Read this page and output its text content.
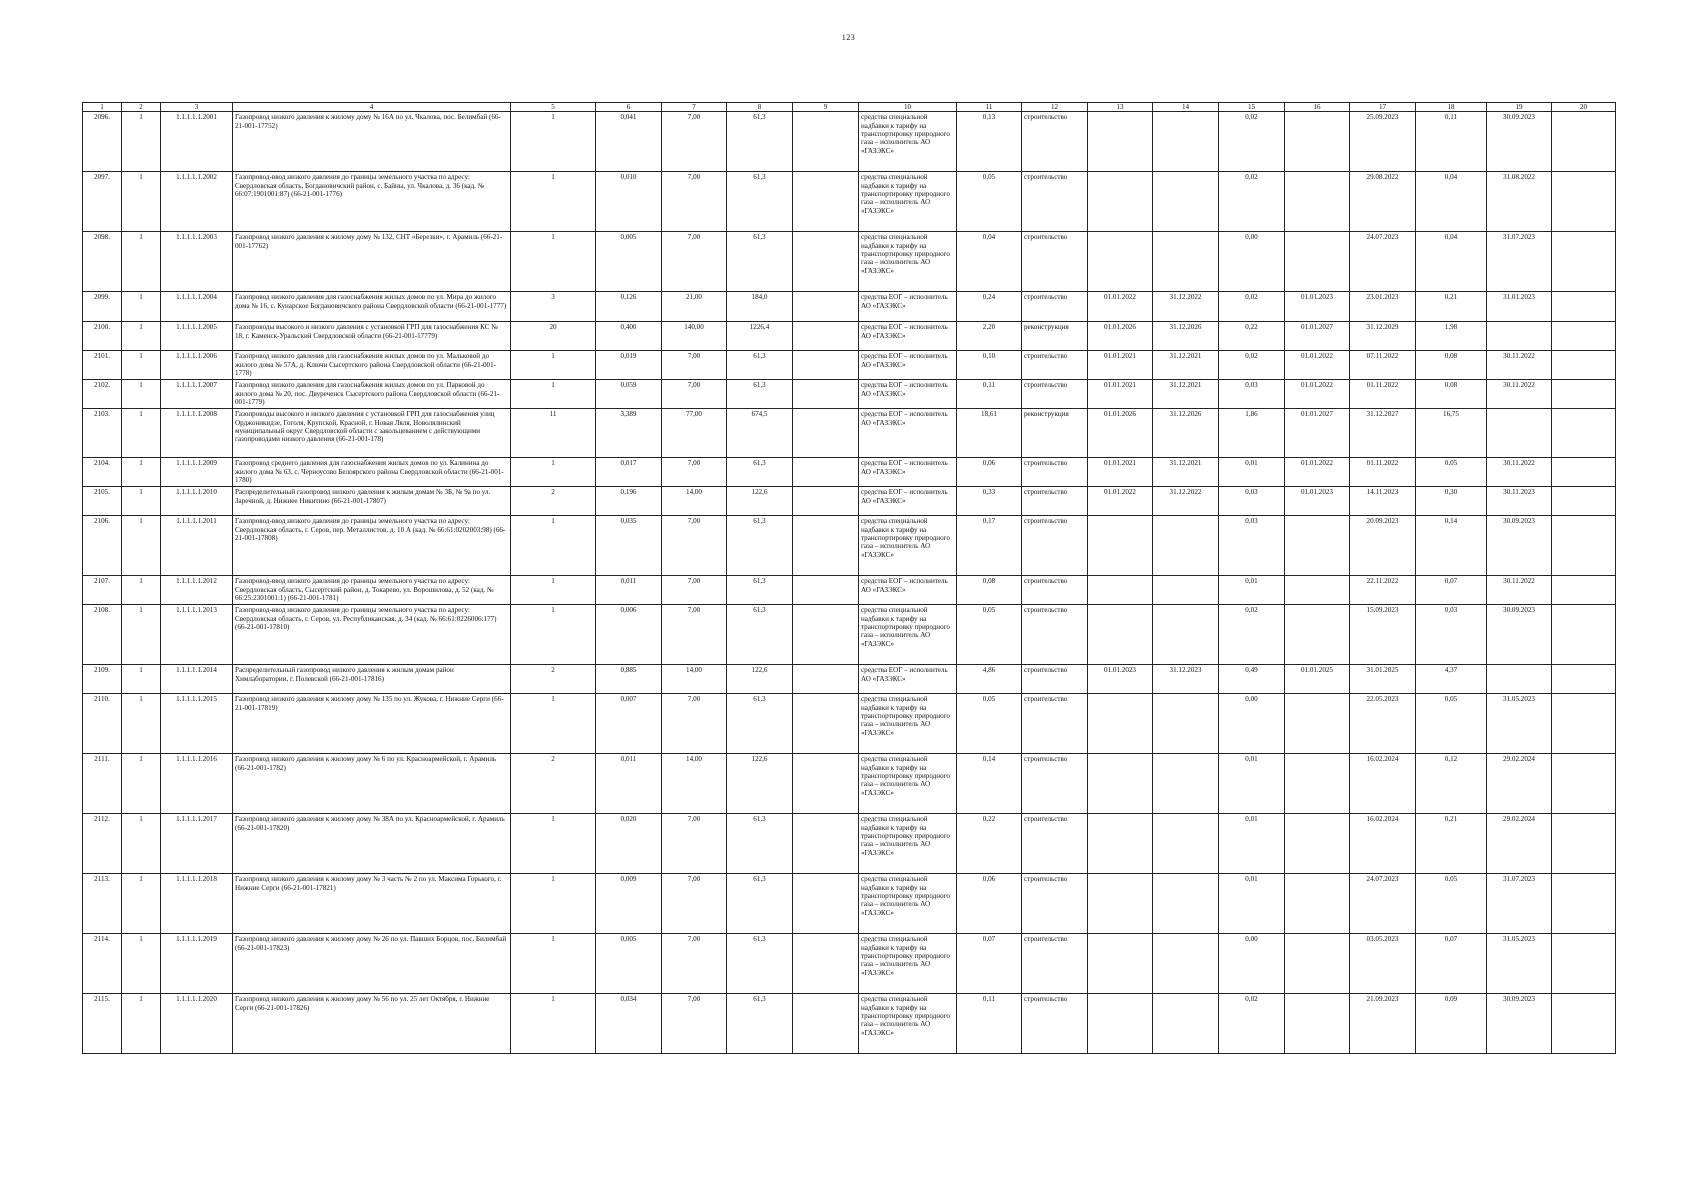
123
1	2	3	4	5	6	7	8	9	10	11	12	13	14	15	16	17	18	19	20
2096.	1	1.1.1.1.1.2001	Газопровод низкого давления к жилому дому № 16А по ул. Чкалова, пос. Белимбай (66-21-001-17752)	1	0,041	7,00	61,3		средства специальной надбавки к тарифу на транспортировку природного газа – исполнитель АО «ГАЗЭКС»	0,13	строительство			0,02		25.09.2023	0,11	30.09.2023	
2097.	1	1.1.1.1.1.2002	Газопровод-ввод низкого давления до границы земельного участка по адресу: Свердловская область, Богдановичский район, с. Байны, ул. Чкалова, д. 36 (кад. № 66:07:1901001:87) (66-21-001-1776)	1	0,010	7,00	61,3		средства специальной надбавки к тарифу на транспортировку природного газа – исполнитель АО «ГАЗЭКС»	0,05	строительство			0,02		29.08.2022	0,04	31.08.2022	
2098.	1	1.1.1.1.1.2003	Газопровод низкого давления к жилому дому № 132, СНТ «Березки», г. Арамиль (66-21-001-17762)	1	0,005	7,00	61,3		средства специальной надбавки к тарифу на транспортировку природного газа – исполнитель АО «ГАЗЭКС»	0,04	строительство			0,00		24.07.2023	0,04	31.07.2023	
2099.	1	1.1.1.1.1.2004	Газопровод низкого давления для газоснабжения жилых домов по ул. Мира до жилого дома № 16, с. Кунарское Богдановичского района Свердловской области (66-21-001-1777)	3	0,126	21,00	184,0		средства ЕОГ – исполнитель АО «ГАЗЭКС»	0,24	строительство	01.01.2022	31.12.2022	0,02	01.01.2023	23.01.2023	0,21	31.01.2023	
2100.	1	1.1.1.1.1.2005	Газопроводы высокого и низкого давления с установкой ГРП для газоснабжения КС № 18, г. Каменск-Уральский Свердловской области (66-21-001-17779)	20	0,400	140,00	1226,4		средства ЕОГ – исполнитель АО «ГАЗЭКС»	2,20	реконструкция	01.01.2026	31.12.2026	0,22	01.01.2027	31.12.2029	1,98		
2101.	1	1.1.1.1.1.2006	Газопровод низкого давления для газоснабжения жилых домов по ул. Мальковой до жилого дома № 57А, д. Ключи Сысертского района Свердловской области (66-21-001-1778)	1	0,019	7,00	61,3		средства ЕОГ – исполнитель АО «ГАЗЭКС»	0,10	строительство	01.01.2021	31.12.2021	0,02	01.01.2022	07.11.2022	0,08	30.11.2022	
2102.	1	1.1.1.1.1.2007	Газопровод низкого давления для газоснабжения жилых домов по ул. Парковой до жилого дома № 20, пос. Двуреченск Сысертского района Свердловской области (66-21-001-1779)	1	0,059	7,00	61,3		средства ЕОГ – исполнитель АО «ГАЗЭКС»	0,11	строительство	01.01.2021	31.12.2021	0,03	01.01.2022	01.11.2022	0,08	30.11.2022	
2103.	1	1.1.1.1.1.2008	Газопроводы высокого и низкого давления с установкой ГРП для газоснабжения улиц Орджоникидзе, Гоголя, Крупской, Красной, г. Новая Ляля, Новолялинский муниципальный округ Свердловской области с закольцеванием с действующими газопроводами низкого давления (66-21-001-178)	11	3,389	77,00	674,5		средства ЕОГ – исполнитель АО «ГАЗЭКС»	18,61	реконструкция	01.01.2026	31.12.2026	1,86	01.01.2027	31.12.2027	16,75		
2104.	1	1.1.1.1.1.2009	Газопровод среднего давления для газоснабжения жилых домов по ул. Калинина до жилого дома № 63, с. Черноусово Белоярского района Свердловской области (66-21-001-1780)	1	0,017	7,00	61,3		средства ЕОГ – исполнитель АО «ГАЗЭКС»	0,06	строительство	01.01.2021	31.12.2021	0,01	01.01.2022	01.11.2022	0,05	30.11.2022	
2105.	1	1.1.1.1.1.2010	Распределительный газопровод низкого давления к жилым домам № 3Б, № 9а по ул. Заречной, д. Нижнее Никитино (66-21-001-17807)	2	0,196	14,00	122,6		средства ЕОГ – исполнитель АО «ГАЗЭКС»	0,33	строительство	01.01.2022	31.12.2022	0,03	01.01.2023	14.11.2023	0,30	30.11.2023	
2106.	1	1.1.1.1.1.2011	Газопровод-ввод низкого давления до границы земельного участка по адресу: Свердловская область, г. Серов, пер. Металлистов, д. 10 А (кад. № 66:61:0202003:98) (66-21-001-17808)	1	0,035	7,00	61,3		средства специальной надбавки к тарифу на транспортировку природного газа – исполнитель АО «ГАЗЭКС»	0,17	строительство			0,03		20.09.2023	0,14	30.09.2023	
2107.	1	1.1.1.1.1.2012	Газопровод-ввод низкого давления до границы земельного участка по адресу: Свердловская область, Сысертский район, д. Токарево, ул. Ворошилова, д. 52 (кад. № 66:25:2301001:1) (66-21-001-1781)	1	0,011	7,00	61,3		средства ЕОГ – исполнитель АО «ГАЗЭКС»	0,08	строительство			0,01		22.11.2022	0,07	30.11.2022	
2108.	1	1.1.1.1.1.2013	Газопровод-ввод низкого давления до границы земельного участка по адресу: Свердловская область, г. Серов, ул. Республиканская, д. 34 (кад. № 66:61:0226006:177) (66-21-001-17810)	1	0,006	7,00	61,3		средства специальной надбавки к тарифу на транспортировку природного газа – исполнитель АО «ГАЗЭКС»	0,05	строительство			0,02		15.09.2023	0,03	30.09.2023	
2109.	1	1.1.1.1.1.2014	Распределительный газопровод низкого давления к жилым домам район Химлаборатории, г. Полевской (66-21-001-17816)	2	0,885	14,00	122,6		средства ЕОГ – исполнитель АО «ГАЗЭКС»	4,86	строительство	01.01.2023	31.12.2023	0,49	01.01.2025	31.01.2025	4,37		
2110.	1	1.1.1.1.1.2015	Газопровод низкого давления к жилому дому № 135 по ул. Жукова, г. Нижние Серги (66-21-001-17819)	1	0,007	7,00	61,3		средства специальной надбавки к тарифу на транспортировку природного газа – исполнитель АО «ГАЗЭКС»	0,05	строительство			0,00		22.05.2023	0,05	31.05.2023	
2111.	1	1.1.1.1.1.2016	Газопровод низкого давления к жилому дому № 6 по ул. Красноармейской, г. Арамиль (66-21-001-1782)	2	0,011	14,00	122,6		средства специальной надбавки к тарифу на транспортировку природного газа – исполнитель АО «ГАЗЭКС»	0,14	строительство			0,01		16.02.2024	0,12	29.02.2024	
2112.	1	1.1.1.1.1.2017	Газопровод низкого давления к жилому дому № 38А по ул. Красноармейской, г. Арамиль (66-21-001-17820)	1	0,020	7,00	61,3		средства специальной надбавки к тарифу на транспортировку природного газа – исполнитель АО «ГАЗЭКС»	0,22	строительство			0,01		16.02.2024	0,21	29.02.2024	
2113.	1	1.1.1.1.1.2018	Газопровод низкого давления к жилому дому № 3 часть № 2 по ул. Максима Горького, г. Нижние Серги (66-21-001-17821)	1	0,009	7,00	61,3		средства специальной надбавки к тарифу на транспортировку природного газа – исполнитель АО «ГАЗЭКС»	0,06	строительство			0,01		24.07.2023	0,05	31.07.2023	
2114.	1	1.1.1.1.1.2019	Газопровод низкого давления к жилому дому № 26 по ул. Павших Борцов, пос. Билимбай (66-21-001-17823)	1	0,005	7,00	61,3		средства специальной надбавки к тарифу на транспортировку природного газа – исполнитель АО «ГАЗЭКС»	0,07	строительство			0,00		03.05.2023	0,07	31.05.2023	
2115.	1	1.1.1.1.1.2020	Газопровод низкого давления к жилому дому № 56 по ул. 25 лет Октября, г. Нижние Серги (66-21-001-17826)	1	0,034	7,00	61,3		средства специальной надбавки к тарифу на транспортировку природного газа – исполнитель АО «ГАЗЭКС»	0,11	строительство			0,02		21.09.2023	0,09	30.09.2023	
